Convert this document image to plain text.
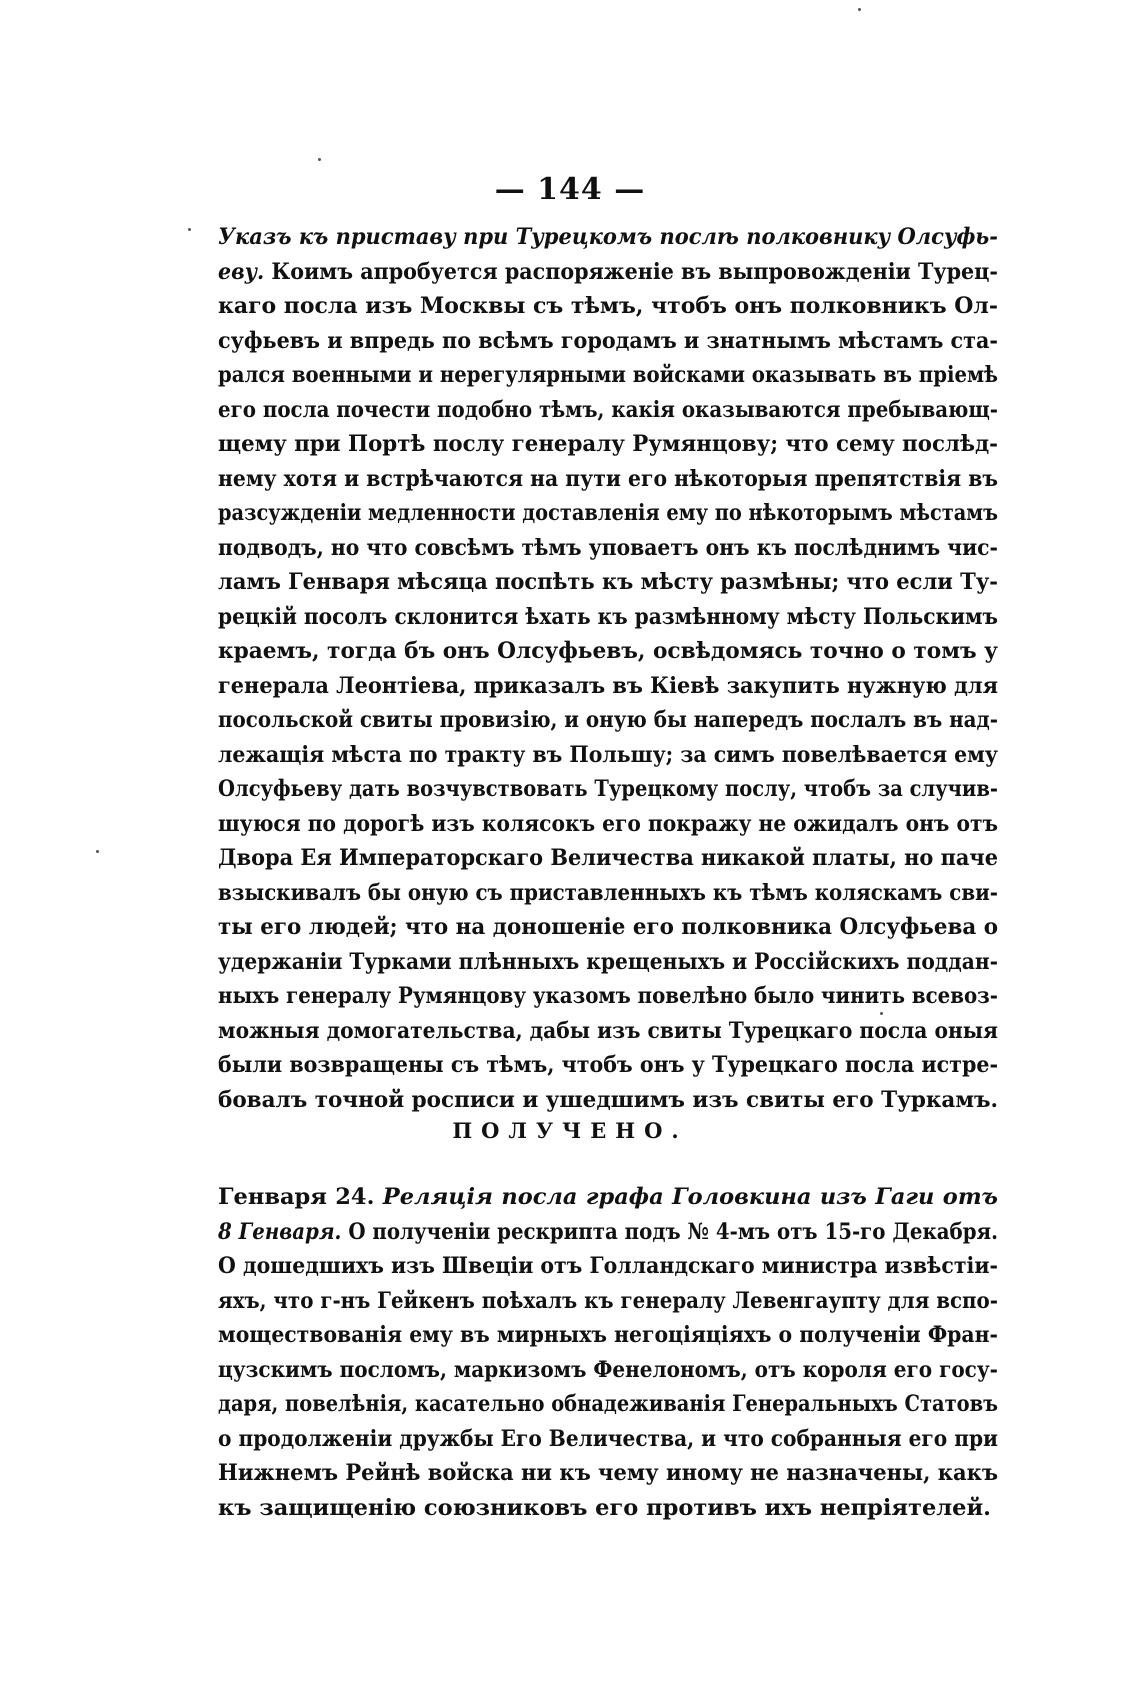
— 144 —
Указъ къ приставу при Турецкомъ послѣ полковнику Олсуфь-
еву. Коимъ апробуется распоряженіе въ выпровожденіи Турец-
каго посла изъ Москвы съ тѣмъ, чтобъ онъ полковникъ Ол-
суфьевъ и впредь по всѣмъ городамъ и знатнымъ мѣстамъ ста-
рался военными и нерегулярными войсками оказывать въ пріемѣ
его посла почести подобно тѣмъ, какія оказываются пребывающ-
щему при Портѣ послу генералу Румянцову; что сему послѣд-
нему хотя и встрѣчаются на пути его нѣкоторыя препятствія въ
разсужденіи медленности доставленія ему по нѣкоторымъ мѣстамъ
подводъ, но что совсѣмъ тѣмъ уповаетъ онъ къ послѣднимъ чис-
ламъ Генваря мѣсяца поспѣть къ мѣсту размѣны; что если Ту-
рецкій посолъ склонится ѣхать къ размѣнному мѣсту Польскимъ
краемъ, тогда бъ онъ Олсуфьевъ, освѣдомясь точно о томъ у
генерала Леонтіева, приказалъ въ Кіевѣ закупить нужную для
посольской свиты провизію, и оную бы напередъ послалъ въ над-
лежащія мѣста по тракту въ Польшу; за симъ повелѣвается ему
Олсуфьеву дать возчувствовать Турецкому послу, чтобъ за случив-
шуюся по дорогѣ изъ колясокъ его покражу не ожидалъ онъ отъ
Двора Ея Императорскаго Величества никакой платы, но паче
взыскивалъ бы оную съ приставленныхъ къ тѣмъ коляскамъ сви-
ты его людей; что на доношеніе его полковника Олсуфьева о
удержаніи Турками плѣнныхъ крещеныхъ и Россійскихъ поддан-
ныхъ генералу Румянцову указомъ повелѣно было чинить всевоз-
можныя домогательства, дабы изъ свиты Турецкаго посла оныя
были возвращены съ тѣмъ, чтобъ онъ у Турецкаго посла истре-
бовалъ точной росписи и ушедшимъ изъ свиты его Туркамъ.
ПОЛУЧЕНО.
Генваря 24. Реляція посла графа Головкина изъ Гаги отъ
8 Генваря. О полученіи рескрипта подъ № 4-мъ отъ 15-го Декабря.
О дошедшихъ изъ Швеціи отъ Голландскаго министра извѣстіи-
яхъ, что г-нъ Гейкенъ поѣхалъ къ генералу Левенгаупту для вспо-
моществованія ему въ мирныхъ негоціяціяхъ о полученіи Фран-
цузскимъ посломъ, маркизомъ Фенелономъ, отъ короля его госу-
даря, повелѣнія, касательно обнадеживанія Генеральныхъ Статовъ
о продолженіи дружбы Его Величества, и что собранныя его при
Нижнемъ Рейнѣ войска ни къ чему иному не назначены, какъ
къ защищенію союзниковъ его противъ ихъ непріятелей.
